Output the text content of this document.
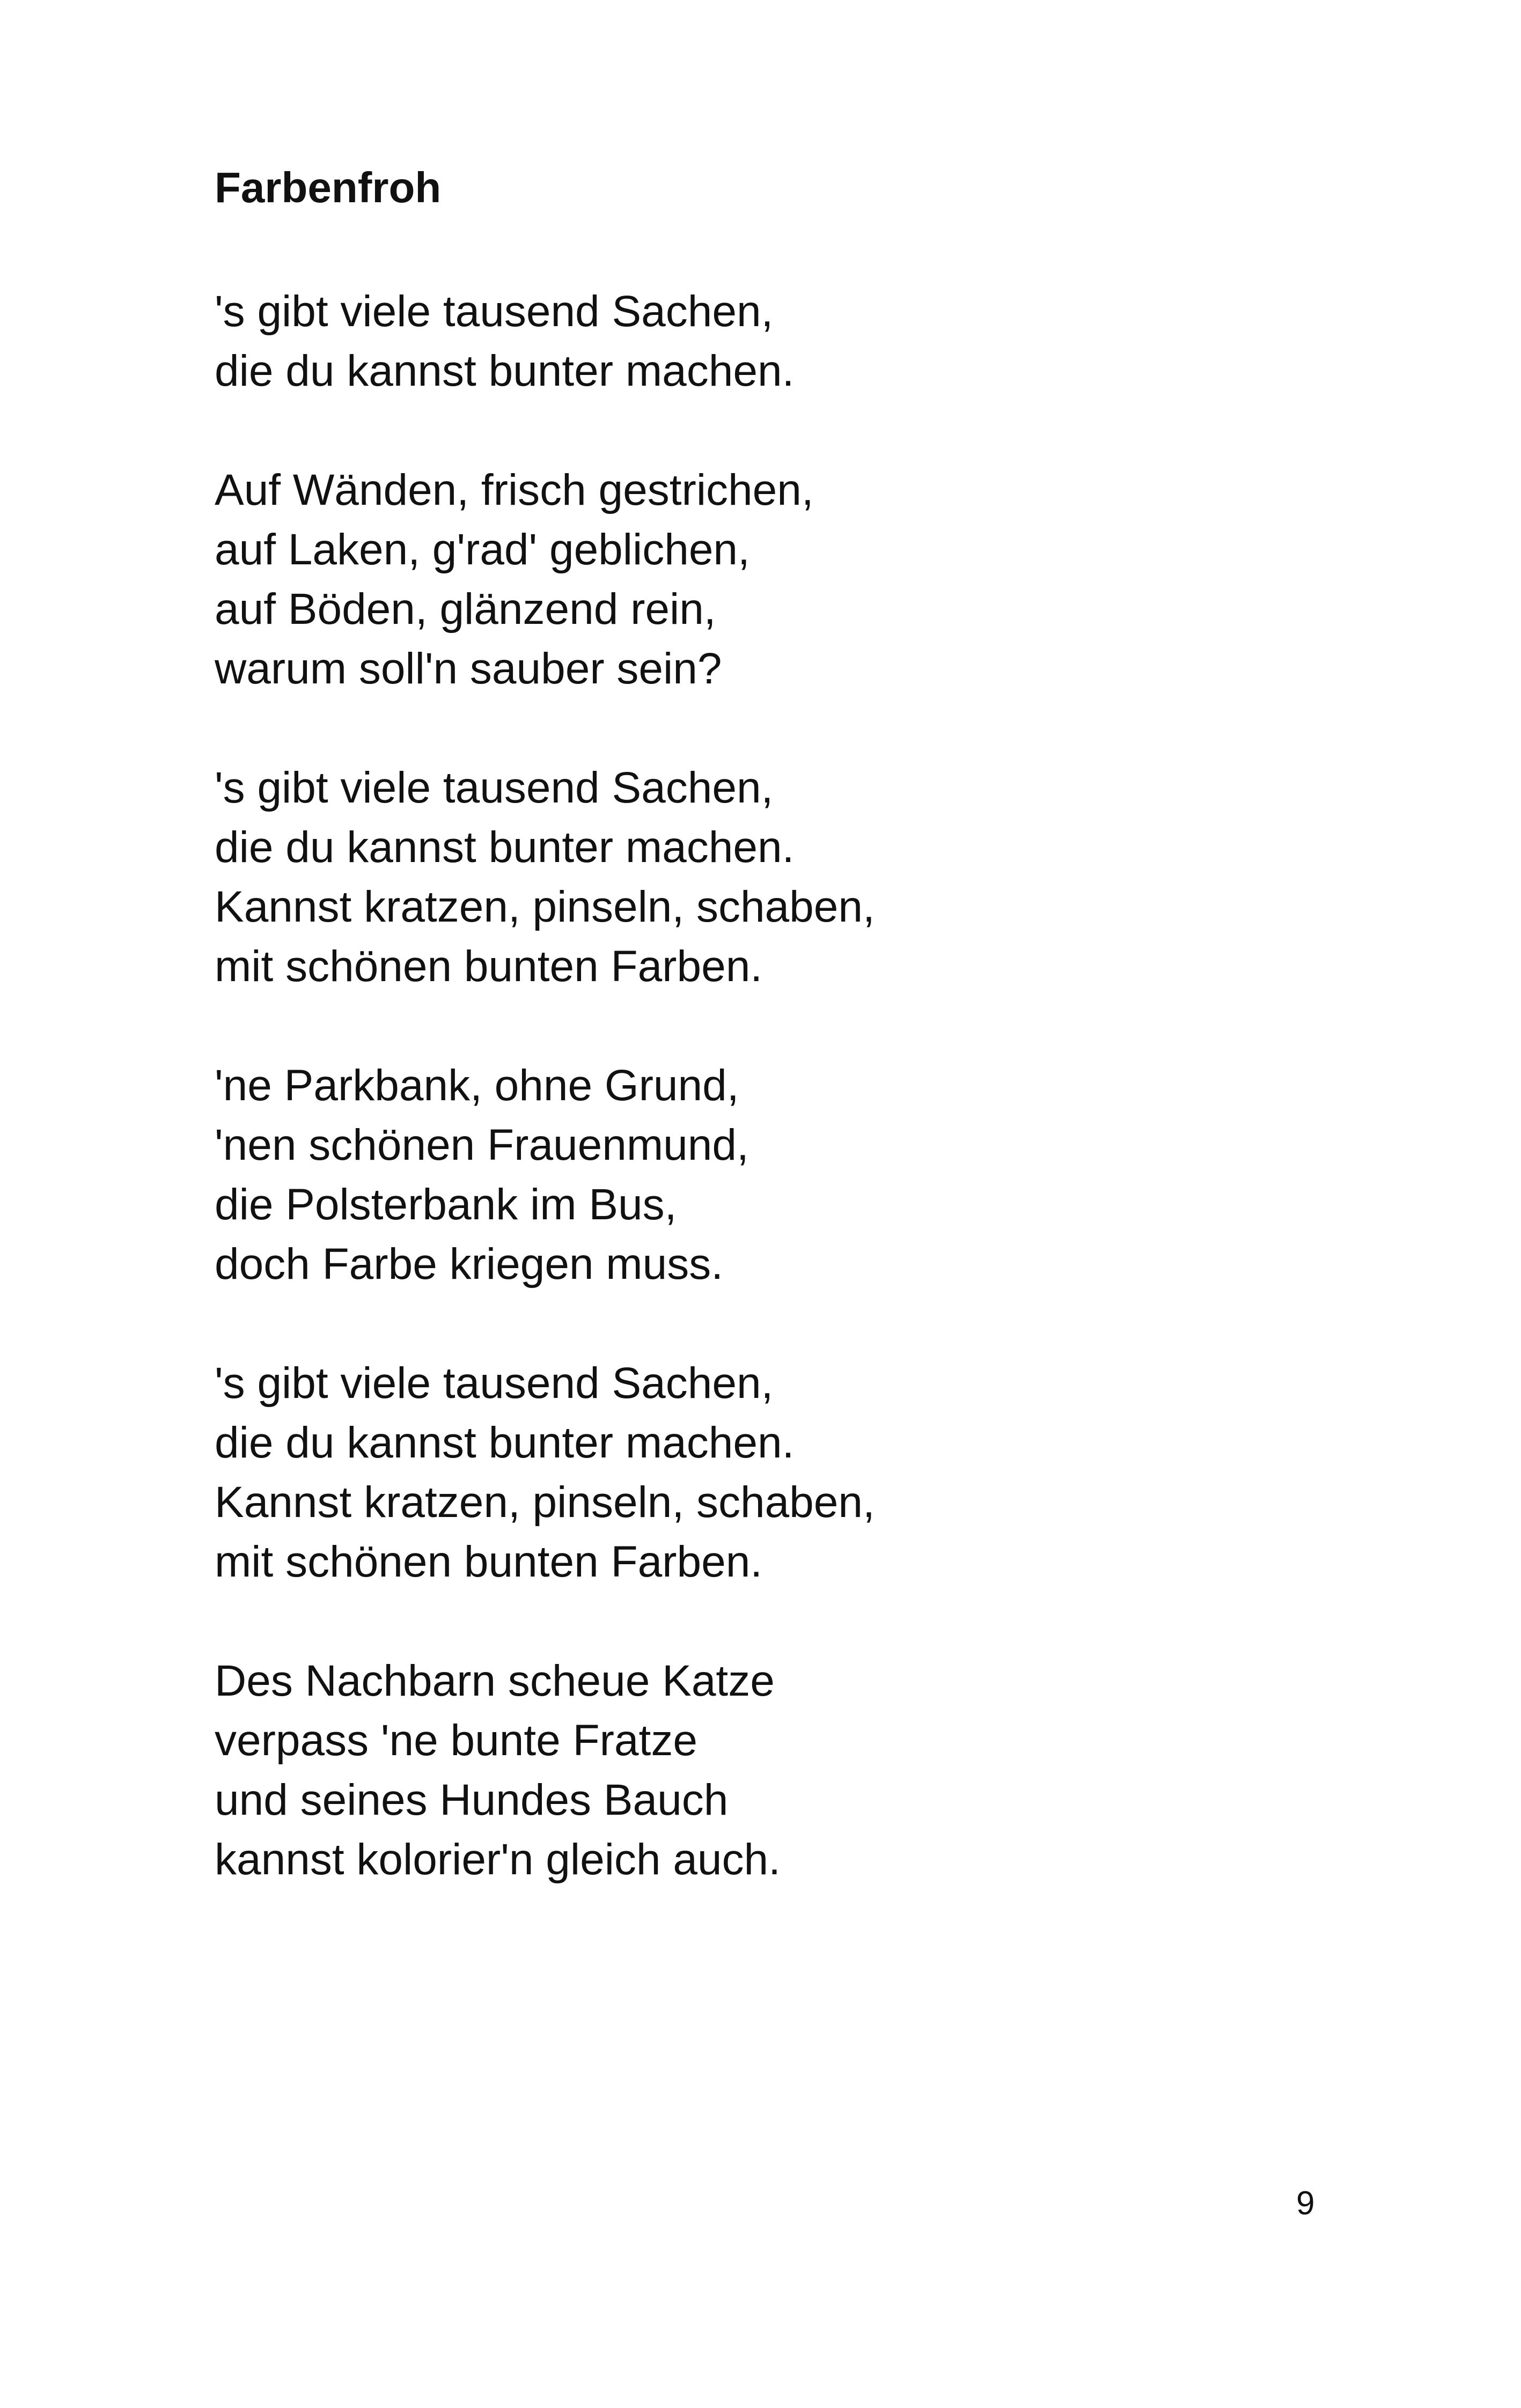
Farbenfroh
's gibt viele tausend Sachen,
die du kannst bunter machen.
Auf Wänden, frisch gestrichen,
auf Laken, g'rad' geblichen,
auf Böden, glänzend rein,
warum soll'n sauber sein?
's gibt viele tausend Sachen,
die du kannst bunter machen.
Kannst kratzen, pinseln, schaben,
mit schönen bunten Farben.
'ne Parkbank, ohne Grund,
'nen schönen Frauenmund,
die Polsterbank im Bus,
doch Farbe kriegen muss.
's gibt viele tausend Sachen,
die du kannst bunter machen.
Kannst kratzen, pinseln, schaben,
mit schönen bunten Farben.
Des Nachbarn scheue Katze
verpass 'ne bunte Fratze
und seines Hundes Bauch
kannst kolorier'n gleich auch.
9
